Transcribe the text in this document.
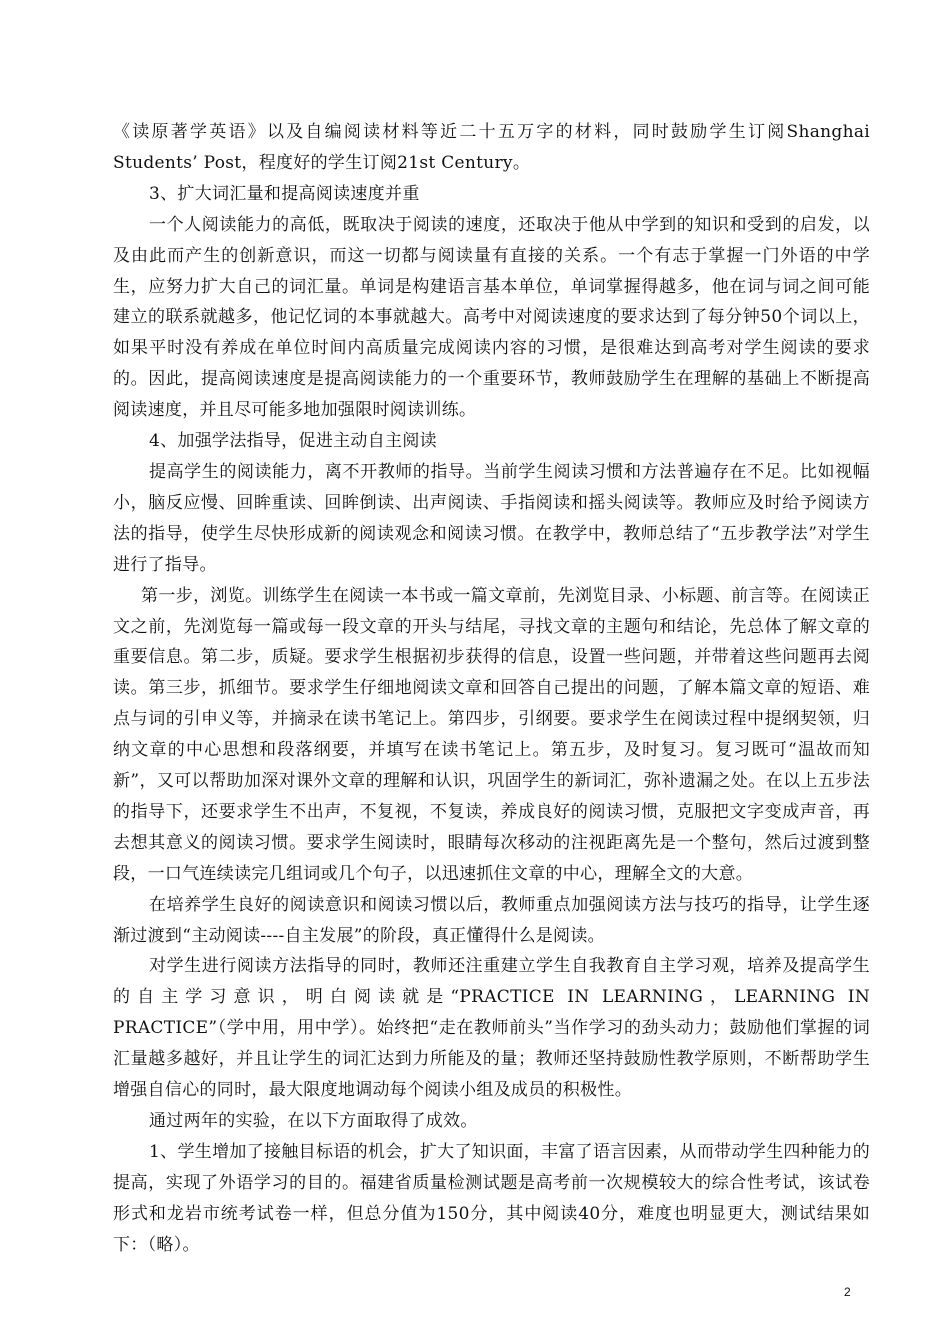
《读原著学英语》以及自编阅读材料等近二十五万字的材料，同时鼓励学生订阅Shanghai Students’ Post，程度好的学生订阅21st Century。

3、扩大词汇量和提高阅读速度并重

一个人阅读能力的高低，既取决于阅读的速度，还取决于他从中学到的知识和受到的启发，以及由此而产生的创新意识，而这一切都与阅读量有直接的关系。一个有志于掌握一门外语的中学生，应努力扩大自己的词汇量。单词是构建语言基本单位，单词掌握得越多，他在词与词之间可能建立的联系就越多，他记忆词的本事就越大。高考中对阅读速度的要求达到了每分钟50个词以上，如果平时没有养成在单位时间内高质量完成阅读内容的习惯，是很难达到高考对学生阅读的要求的。因此，提高阅读速度是提高阅读能力的一个重要环节，教师鼓励学生在理解的基础上不断提高阅读速度，并且尽可能多地加强限时阅读训练。

4、加强学法指导，促进主动自主阅读

提高学生的阅读能力，离不开教师的指导。当前学生阅读习惯和方法普遍存在不足。比如视幅小，脑反应慢、回眸重读、回眸倒读、出声阅读、手指阅读和摇头阅读等。教师应及时给予阅读方法的指导，使学生尽快形成新的阅读观念和阅读习惯。在教学中，教师总结了“五步教学法”对学生进行了指导。

第一步，浏览。训练学生在阅读一本书或一篇文章前，先浏览目录、小标题、前言等。在阅读正文之前，先浏览每一篇或每一段文章的开头与结尾，寻找文章的主题句和结论，先总体了解文章的重要信息。第二步，质疑。要求学生根据初步获得的信息，设置一些问题，并带着这些问题再去阅读。第三步，抓细节。要求学生仔细地阅读文章和回答自己提出的问题，了解本篇文章的短语、难点与词的引申义等，并摘录在读书笔记上。第四步，引纲要。要求学生在阅读过程中提纲契领，归纳文章的中心思想和段落纲要，并填写在读书笔记上。第五步，及时复习。复习既可“温故而知新”，又可以帮助加深对课外文章的理解和认识，巩固学生的新词汇，弥补遗漏之处。在以上五步法的指导下，还要求学生不出声，不复视，不复读，养成良好的阅读习惯，克服把文字变成声音，再去想其意义的阅读习惯。要求学生阅读时，眼睛每次移动的注视距离先是一个整句，然后过渡到整段，一口气连续读完几组词或几个句子，以迅速抓住文章的中心，理解全文的大意。

在培养学生良好的阅读意识和阅读习惯以后，教师重点加强阅读方法与技巧的指导，让学生逐渐过渡到“主动阅读----自主发展”的阶段，真正懂得什么是阅读。

对学生进行阅读方法指导的同时，教师还注重建立学生自我教育自主学习观，培养及提高学生的自主学习意识，明白阅读就是“PRACTICE IN LEARNING，LEARNING IN PRACTICE”（学中用，用中学）。始终把“走在教师前头”当作学习的劲头动力；鼓励他们掌握的词汇量越多越好，并且让学生的词汇达到力所能及的量；教师还坚持鼓励性教学原则，不断帮助学生增强自信心的同时，最大限度地调动每个阅读小组及成员的积极性。

通过两年的实验，在以下方面取得了成效。

1、学生增加了接触目标语的机会，扩大了知识面，丰富了语言因素，从而带动学生四种能力的提高，实现了外语学习的目的。福建省质量检测试题是高考前一次规模较大的综合性考试，该试卷形式和龙岩市统考试卷一样，但总分值为150分，其中阅读40分，难度也明显更大，测试结果如下：（略）。

2
